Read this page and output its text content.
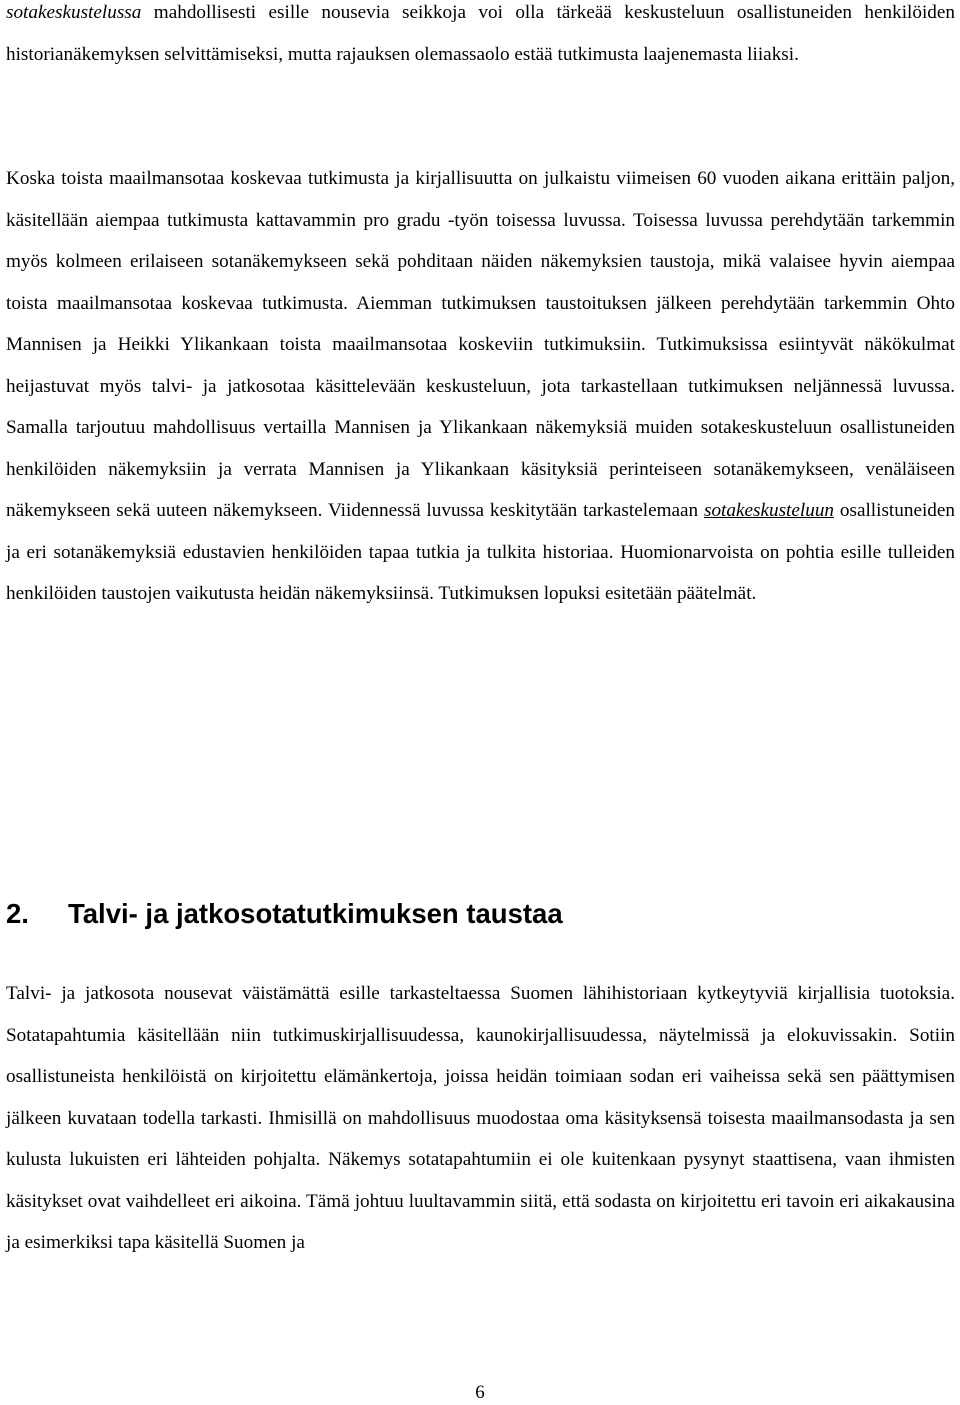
sotakeskustelussa mahdollisesti esille nousevia seikkoja voi olla tärkeää keskusteluun osallistuneiden henkilöiden historianäkemyksen selvittämiseksi, mutta rajauksen olemassaolo estää tutkimusta laajenemasta liiaksi.

Koska toista maailmansotaa koskevaa tutkimusta ja kirjallisuutta on julkaistu viimeisen 60 vuoden aikana erittäin paljon, käsitellään aiempaa tutkimusta kattavammin pro gradu -työn toisessa luvussa. Toisessa luvussa perehdytään tarkemmin myös kolmeen erilaiseen sotanäkemykseen sekä pohditaan näiden näkemyksien taustoja, mikä valaisee hyvin aiempaa toista maailmansotaa koskevaa tutkimusta. Aiemman tutkimuksen taustoituksen jälkeen perehdytään tarkemmin Ohto Mannisen ja Heikki Ylikankaan toista maailmansotaa koskeviin tutkimuksiin. Tutkimuksissa esiintyvät näkökulmat heijastuvat myös talvi- ja jatkosotaa käsittelevään keskusteluun, jota tarkastellaan tutkimuksen neljännessä luvussa. Samalla tarjoutuu mahdollisuus vertailla Mannisen ja Ylikankaan näkemyksiä muiden sotakeskusteluun osallistuneiden henkilöiden näkemyksiin ja verrata Mannisen ja Ylikankaan käsityksiä perinteiseen sotanäkemykseen, venäläiseen näkemykseen sekä uuteen näkemykseen. Viidennessä luvussa keskitytään tarkastelemaan sotakeskusteluun osallistuneiden ja eri sotanäkemyksiä edustavien henkilöiden tapaa tutkia ja tulkita historiaa. Huomionarvoista on pohtia esille tulleiden henkilöiden taustojen vaikutusta heidän näkemyksiinsä. Tutkimuksen lopuksi esitetään päätelmät.

2. Talvi- ja jatkosotatutkimuksen taustaa

Talvi- ja jatkosota nousevat väistämättä esille tarkasteltaessa Suomen lähihistoriaan kytkeytyviä kirjallisia tuotoksia. Sotatapahtumia käsitellään niin tutkimuskirjallisuudessa, kaunokirjallisuudessa, näytelmissä ja elokuvissakin. Sotiin osallistuneista henkilöistä on kirjoitettu elämänkertoja, joissa heidän toimiaan sodan eri vaiheissa sekä sen päättymisen jälkeen kuvataan todella tarkasti. Ihmisillä on mahdollisuus muodostaa oma käsityksensä toisesta maailmansodasta ja sen kulusta lukuisten eri lähteiden pohjalta. Näkemys sotatapahtumiin ei ole kuitenkaan pysynyt staattisena, vaan ihmisten käsitykset ovat vaihdelleet eri aikoina. Tämä johtuu luultavammin siitä, että sodasta on kirjoitettu eri tavoin eri aikakausina ja esimerkiksi tapa käsitellä Suomen ja

6
